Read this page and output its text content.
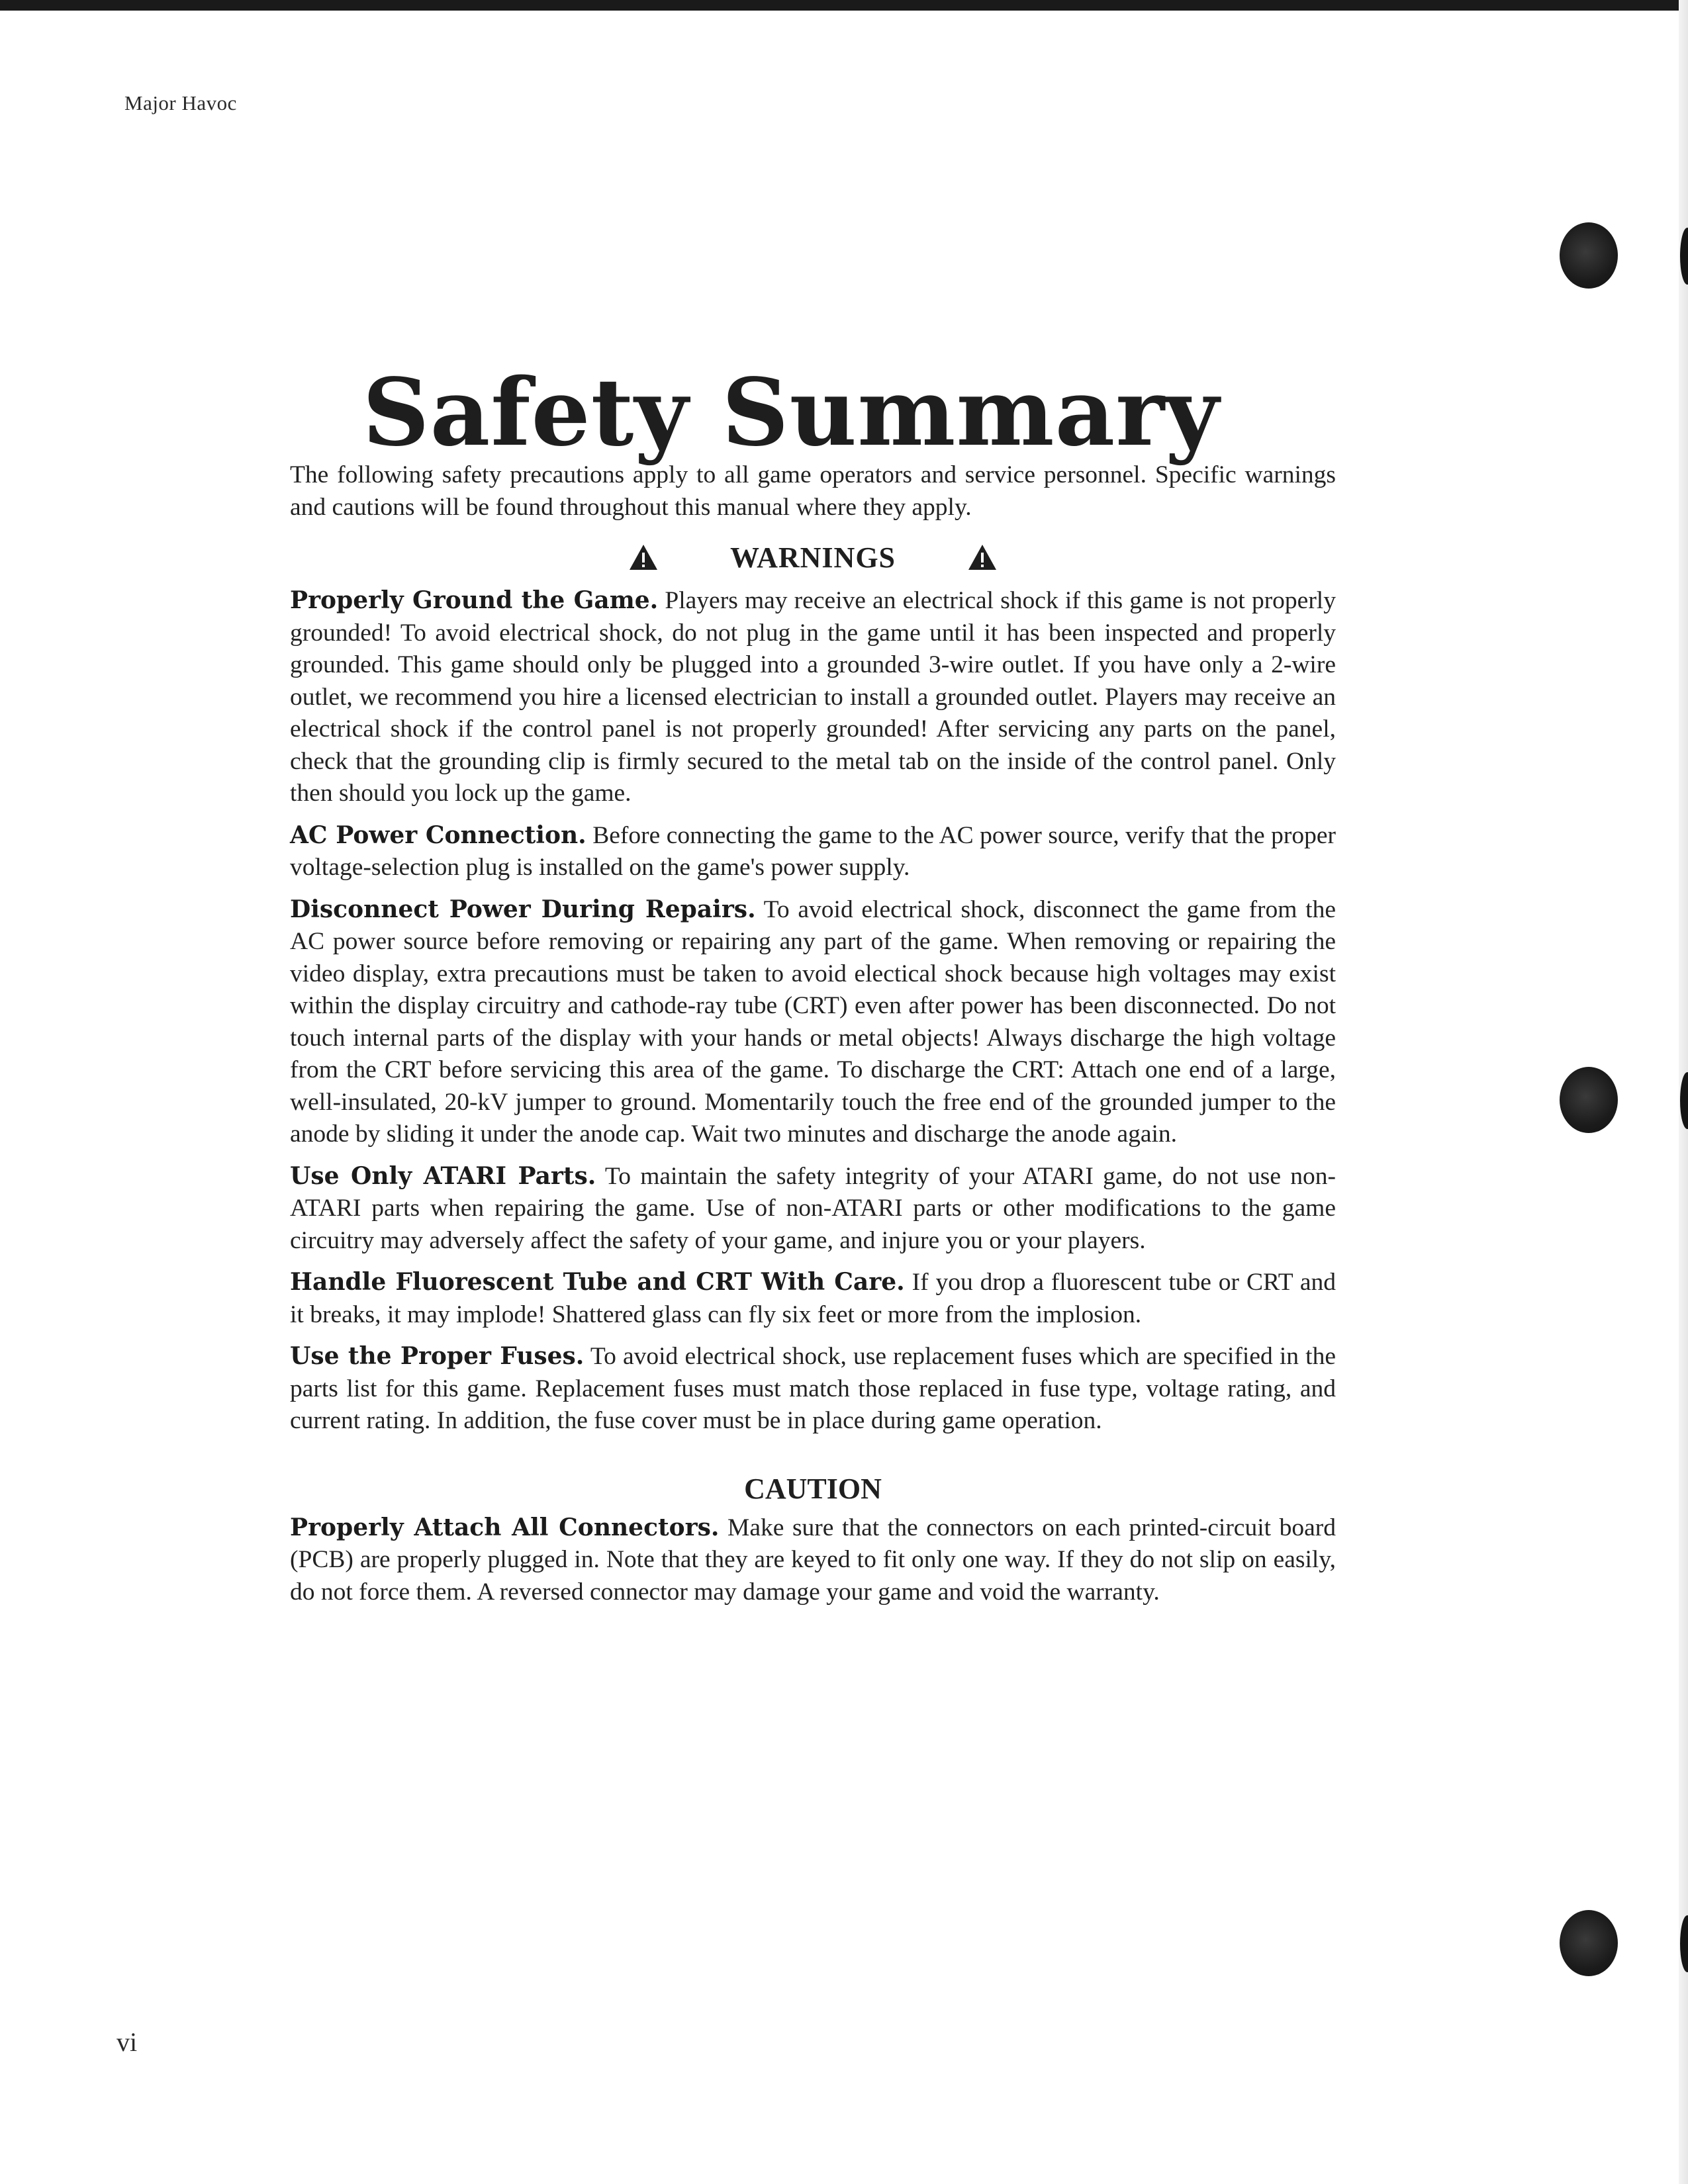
Major Havoc
Safety Summary

The following safety precautions apply to all game operators and service personnel. Specific warnings and cautions will be found throughout this manual where they apply.

WARNINGS

Properly Ground the Game. Players may receive an electrical shock if this game is not properly grounded! To avoid electrical shock, do not plug in the game until it has been inspected and properly grounded. This game should only be plugged into a grounded 3-wire outlet. If you have only a 2-wire outlet, we recommend you hire a licensed electrician to install a grounded outlet. Players may receive an electrical shock if the control panel is not properly grounded! After servicing any parts on the panel, check that the grounding clip is firmly secured to the metal tab on the inside of the control panel. Only then should you lock up the game.

AC Power Connection. Before connecting the game to the AC power source, verify that the proper voltage-selection plug is installed on the game's power supply.

Disconnect Power During Repairs. To avoid electrical shock, disconnect the game from the AC power source before removing or repairing any part of the game. When removing or repairing the video display, extra precautions must be taken to avoid electical shock because high voltages may exist within the display circuitry and cathode-ray tube (CRT) even after power has been disconnected. Do not touch internal parts of the display with your hands or metal objects! Always discharge the high voltage from the CRT before servicing this area of the game. To discharge the CRT: Attach one end of a large, well-insulated, 20-kV jumper to ground. Momentarily touch the free end of the grounded jumper to the anode by sliding it under the anode cap. Wait two minutes and discharge the anode again.

Use Only ATARI Parts. To maintain the safety integrity of your ATARI game, do not use non-ATARI parts when repairing the game. Use of non-ATARI parts or other modifications to the game circuitry may adversely affect the safety of your game, and injure you or your players.

Handle Fluorescent Tube and CRT With Care. If you drop a fluorescent tube or CRT and it breaks, it may implode! Shattered glass can fly six feet or more from the implosion.

Use the Proper Fuses. To avoid electrical shock, use replacement fuses which are specified in the parts list for this game. Replacement fuses must match those replaced in fuse type, voltage rating, and current rating. In addition, the fuse cover must be in place during game operation.

CAUTION

Properly Attach All Connectors. Make sure that the connectors on each printed-circuit board (PCB) are properly plugged in. Note that they are keyed to fit only one way. If they do not slip on easily, do not force them. A reversed connector may damage your game and void the warranty.

vi
